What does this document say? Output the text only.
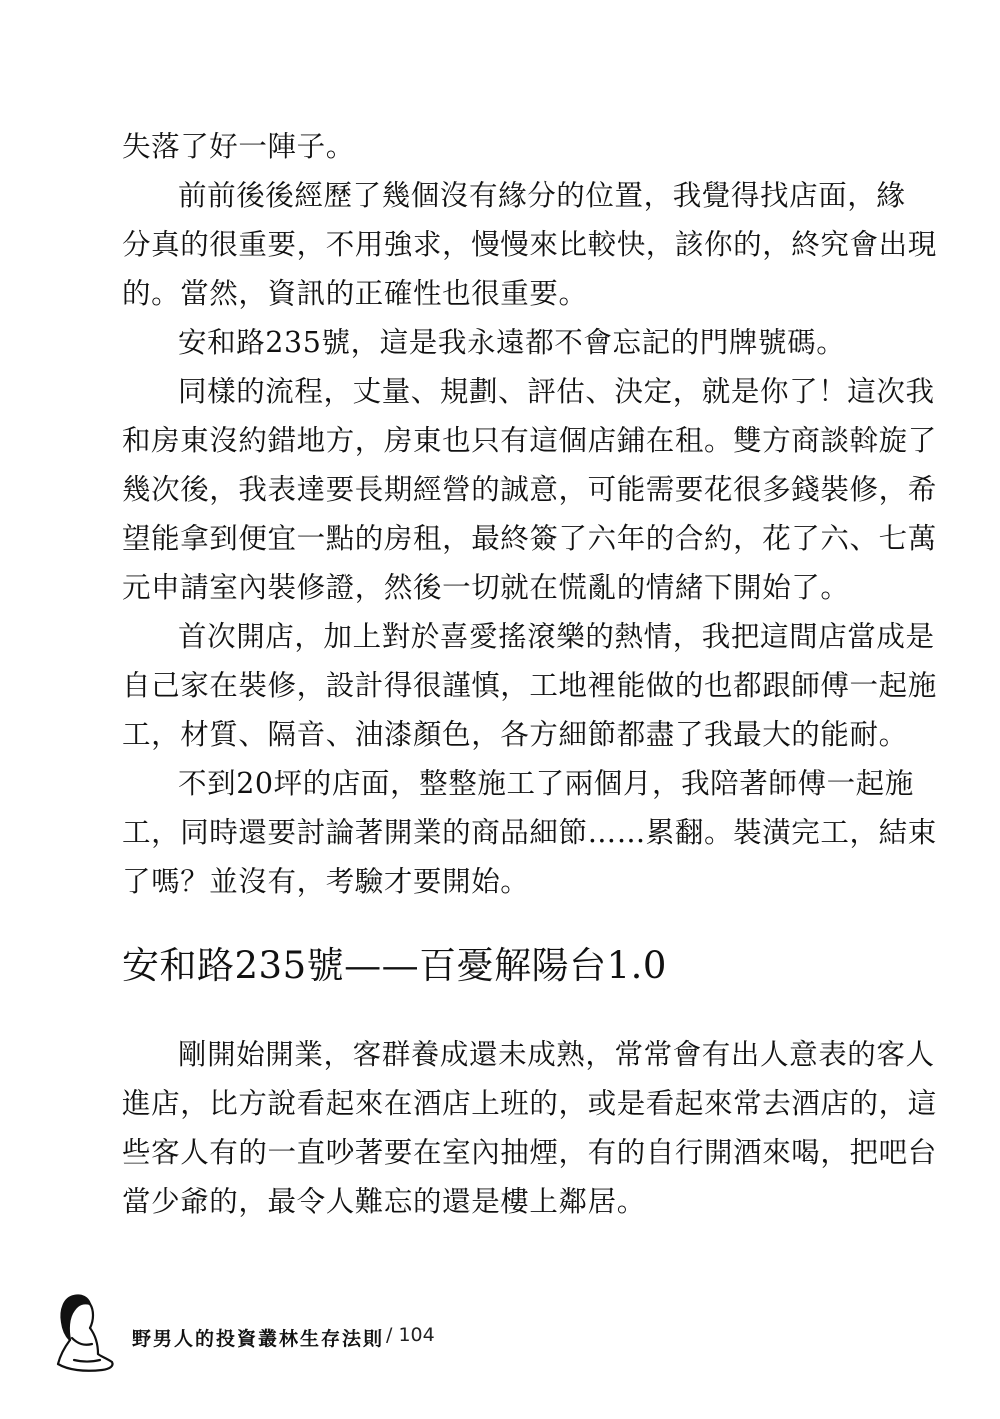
失落了好一陣子。
前前後後經歷了幾個沒有緣分的位置，我覺得找店面，緣
分真的很重要，不用強求，慢慢來比較快，該你的，終究會出現
的。當然，資訊的正確性也很重要。
安和路235號，這是我永遠都不會忘記的門牌號碼。
同樣的流程，丈量、規劃、評估、決定，就是你了！這次我
和房東沒約錯地方，房東也只有這個店鋪在租。雙方商談斡旋了
幾次後，我表達要長期經營的誠意，可能需要花很多錢裝修，希
望能拿到便宜一點的房租，最終簽了六年的合約，花了六、七萬
元申請室內裝修證，然後一切就在慌亂的情緒下開始了。
首次開店，加上對於喜愛搖滾樂的熱情，我把這間店當成是
自己家在裝修，設計得很謹慎，工地裡能做的也都跟師傅一起施
工，材質、隔音、油漆顏色，各方細節都盡了我最大的能耐。
不到20坪的店面，整整施工了兩個月，我陪著師傅一起施
工，同時還要討論著開業的商品細節……累翻。裝潢完工，結束
了嗎？並沒有，考驗才要開始。
安和路235號——百憂解陽台1.0
剛開始開業，客群養成還未成熟，常常會有出人意表的客人
進店，比方說看起來在酒店上班的，或是看起來常去酒店的，這
些客人有的一直吵著要在室內抽煙，有的自行開酒來喝，把吧台
當少爺的，最令人難忘的還是樓上鄰居。
野男人的投資叢林生存法則 / 104
